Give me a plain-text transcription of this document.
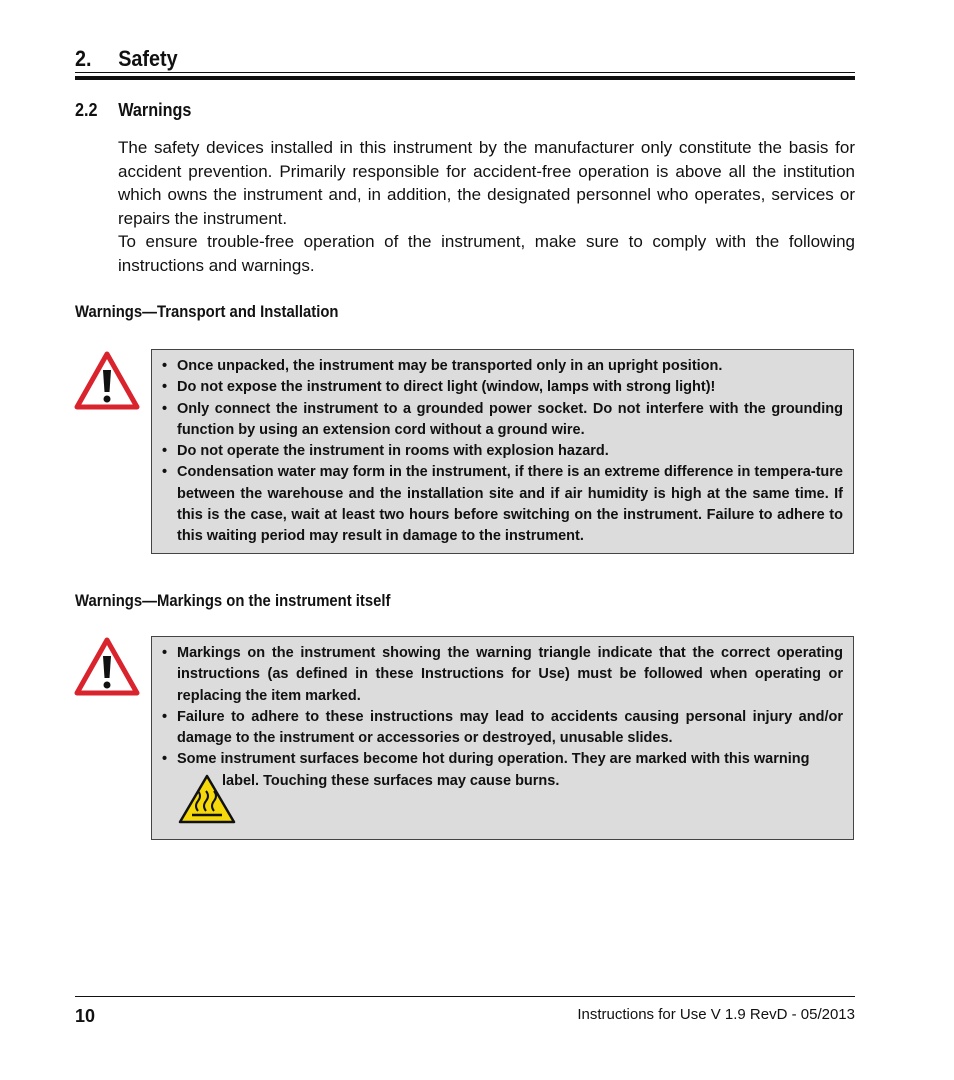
2. Safety
2.2 Warnings

The safety devices installed in this instrument by the manufacturer only constitute the basis for accident prevention. Primarily responsible for accident-free operation is above all the institution which owns the instrument and, in addition, the designated personnel who operates, services or repairs the instrument.

To ensure trouble-free operation of the instrument, make sure to comply with the following instructions and warnings.

Warnings—Transport and Installation
• Once unpacked, the instrument may be transported only in an upright position.
• Do not expose the instrument to direct light (window, lamps with strong light)!
• Only connect the instrument to a grounded power socket. Do not interfere with the grounding function by using an extension cord without a ground wire.
• Do not operate the instrument in rooms with explosion hazard.
• Condensation water may form in the instrument, if there is an extreme difference in tempera-ture between the warehouse and the installation site and if air humidity is high at the same time. If this is the case, wait at least two hours before switching on the instrument. Failure to adhere to this waiting period may result in damage to the instrument.
Warnings—Markings on the instrument itself
• Markings on the instrument showing the warning triangle indicate that the correct operating instructions (as defined in these Instructions for Use) must be followed when operating or replacing the item marked.
• Failure to adhere to these instructions may lead to accidents causing personal injury and/or damage to the instrument or accessories or destroyed, unusable slides.
• Some instrument surfaces become hot during operation. They are marked with this warning
label. Touching these surfaces may cause burns.
10	Instructions for Use V 1.9 RevD - 05/2013
